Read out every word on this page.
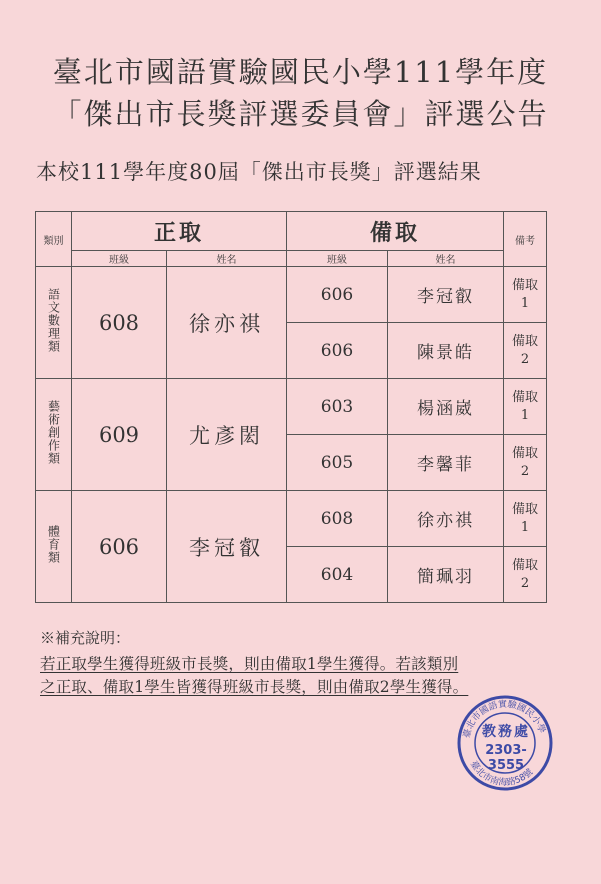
臺北市國語實驗國民小學111學年度
「傑出市長獎評選委員會」評選公告
本校111學年度80屆「傑出市長獎」評選結果
類別	正取		備取		備考
	班級	姓名	班級	姓名	
語文數理類	608	徐亦祺	606	李冠叡	備取
1
			606	陳景皓	備取
2
藝術創作類	609	尤彥閎	603	楊涵崴	備取
1
			605	李馨菲	備取
2
體育類	606	李冠叡	608	徐亦祺	備取
1
			604	簡珮羽	備取
2
※補充說明：
若正取學生獲得班級市長獎，則由備取1學生獲得。若該類別
之正取、備取1學生皆獲得班級市長獎，則由備取2學生獲得。
臺北市國語實驗國民小學
臺北市南海路58號
教務處
2303-3555
